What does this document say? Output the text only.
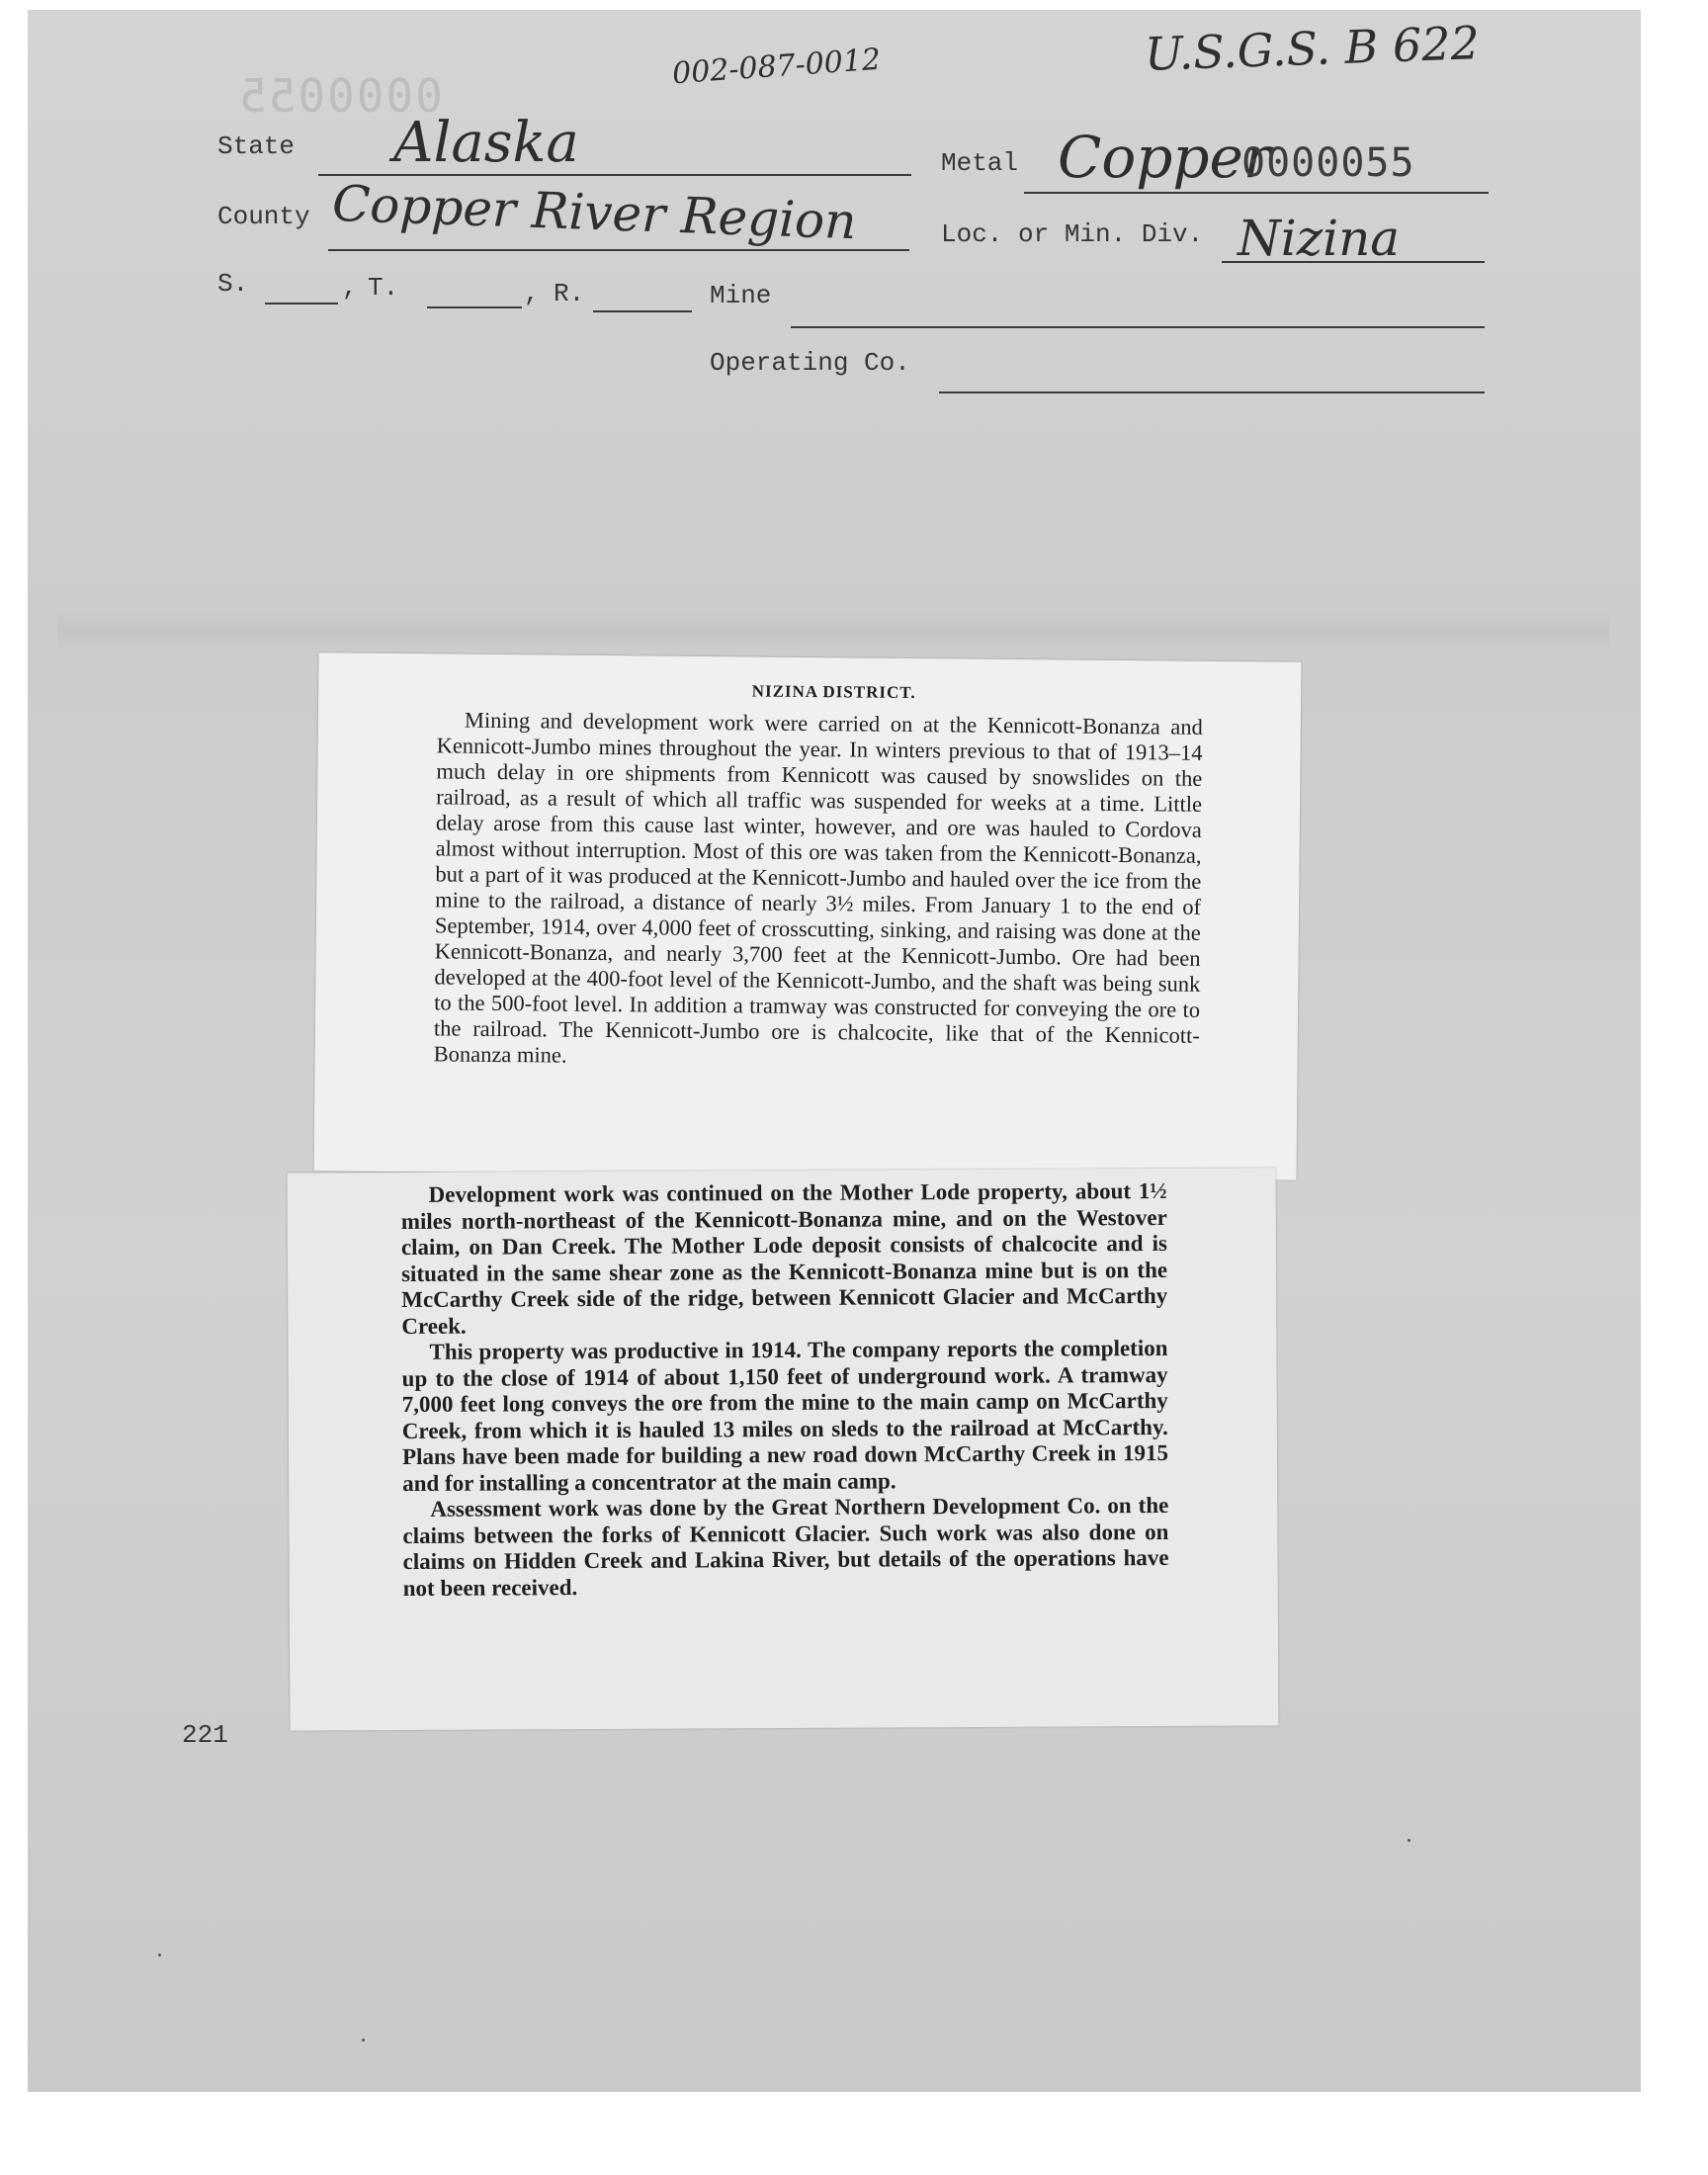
002-087-0012	U.S.G.S. B 622
0000055
State Alaska	Metal Copper
0000055
County Copper River Region	Loc. or Min. Div. Nizina
S.	, T.	, R.	Mine
Operating Co.

NIZINA DISTRICT.

Mining and development work were carried on at the Kennicott-Bonanza and Kennicott-Jumbo mines throughout the year. In winters previous to that of 1913–14 much delay in ore shipments from Kennicott was caused by snowslides on the railroad, as a result of which all traffic was suspended for weeks at a time. Little delay arose from this cause last winter, however, and ore was hauled to Cordova almost without interruption. Most of this ore was taken from the Kennicott-Bonanza, but a part of it was produced at the Kennicott-Jumbo and hauled over the ice from the mine to the railroad, a distance of nearly 3½ miles. From January 1 to the end of September, 1914, over 4,000 feet of crosscutting, sinking, and raising was done at the Kennicott-Bonanza, and nearly 3,700 feet at the Kennicott-Jumbo. Ore had been developed at the 400-foot level of the Kennicott-Jumbo, and the shaft was being sunk to the 500-foot level. In addition a tramway was constructed for conveying the ore to the railroad. The Kennicott-Jumbo ore is chalcocite, like that of the Kennicott-Bonanza mine.

Development work was continued on the Mother Lode property, about 1½ miles north-northeast of the Kennicott-Bonanza mine, and on the Westover claim, on Dan Creek. The Mother Lode deposit consists of chalcocite and is situated in the same shear zone as the Kennicott-Bonanza mine but is on the McCarthy Creek side of the ridge, between Kennicott Glacier and McCarthy Creek.

This property was productive in 1914. The company reports the completion up to the close of 1914 of about 1,150 feet of underground work. A tramway 7,000 feet long conveys the ore from the mine to the main camp on McCarthy Creek, from which it is hauled 13 miles on sleds to the railroad at McCarthy. Plans have been made for building a new road down McCarthy Creek in 1915 and for installing a concentrator at the main camp.

Assessment work was done by the Great Northern Development Co. on the claims between the forks of Kennicott Glacier. Such work was also done on claims on Hidden Creek and Lakina River, but details of the operations have not been received.

221
